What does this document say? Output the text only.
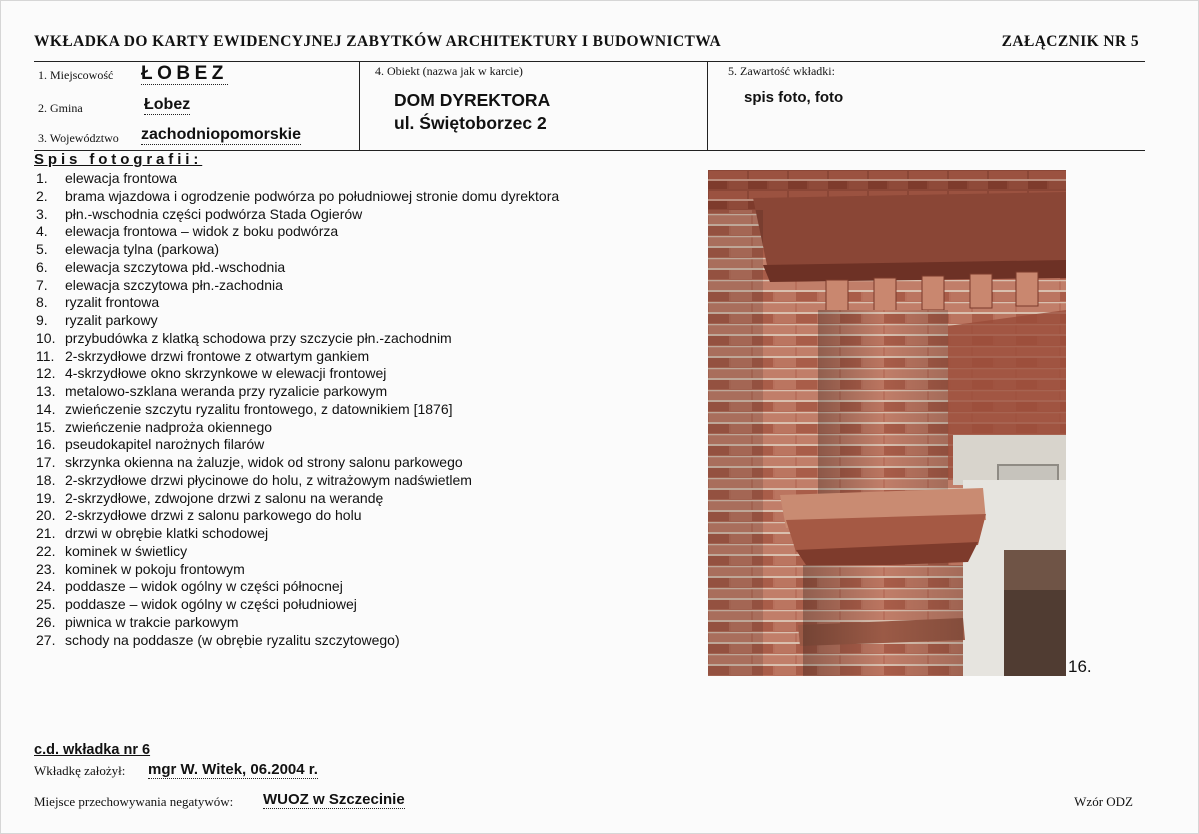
WKŁADKA DO KARTY EWIDENCYJNEJ ZABYTKÓW ARCHITEKTURY I BUDOWNICTWA	ZAŁĄCZNIK NR 5
1. Miejscowość ŁOBEZ
2. Gmina	Łobez
3. Województwo zachodniopomorskie
4. Obiekt (nazwa jak w karcie)
DOM DYREKTORA
ul. Świętoborzec 2
5. Zawartość wkładki:
spis foto, foto
Spis fotografii:
1.	elewacja frontowa
2.	brama wjazdowa i ogrodzenie podwórza po południowej stronie domu dyrektora
3.	płn.-wschodnia części podwórza Stada Ogierów
4.	elewacja frontowa – widok z boku podwórza
5.	elewacja tylna (parkowa)
6.	elewacja szczytowa płd.-wschodnia
7.	elewacja szczytowa płn.-zachodnia
8.	ryzalit frontowa
9.	ryzalit parkowy
10. przybudówka z klatką schodowa przy szczycie płn.-zachodnim
11. 2-skrzydłowe drzwi frontowe z otwartym gankiem
12. 4-skrzydłowe okno skrzynkowe w elewacji frontowej
13. metalowo-szklana weranda przy ryzalicie parkowym
14. zwieńczenie szczytu ryzalitu frontowego, z datownikiem [1876]
15. zwieńczenie nadproża okiennego
16. pseudokapitel narożnych filarów
17. skrzynka okienna na żaluzje, widok od strony salonu parkowego
18. 2-skrzydłowe drzwi płycinowe do holu, z witrażowym nadświetlem
19. 2-skrzydłowe, zdwojone drzwi z salonu na werandę
20. 2-skrzydłowe drzwi z salonu parkowego do holu
21. drzwi w obrębie klatki schodowej
22. kominek w świetlicy
23. kominek w pokoju frontowym
24. poddasze – widok ogólny w części północnej
25. poddasze – widok ogólny w części południowej
26. piwnica w trakcie parkowym
27. schody na poddasze (w obrębie ryzalitu szczytowego)
16.
c.d. wkładka nr 6
Wkładkę założył: mgr W. Witek, 06.2004 r.
Miejsce przechowywania negatywów: WUOZ w Szczecinie	Wzór ODZ
